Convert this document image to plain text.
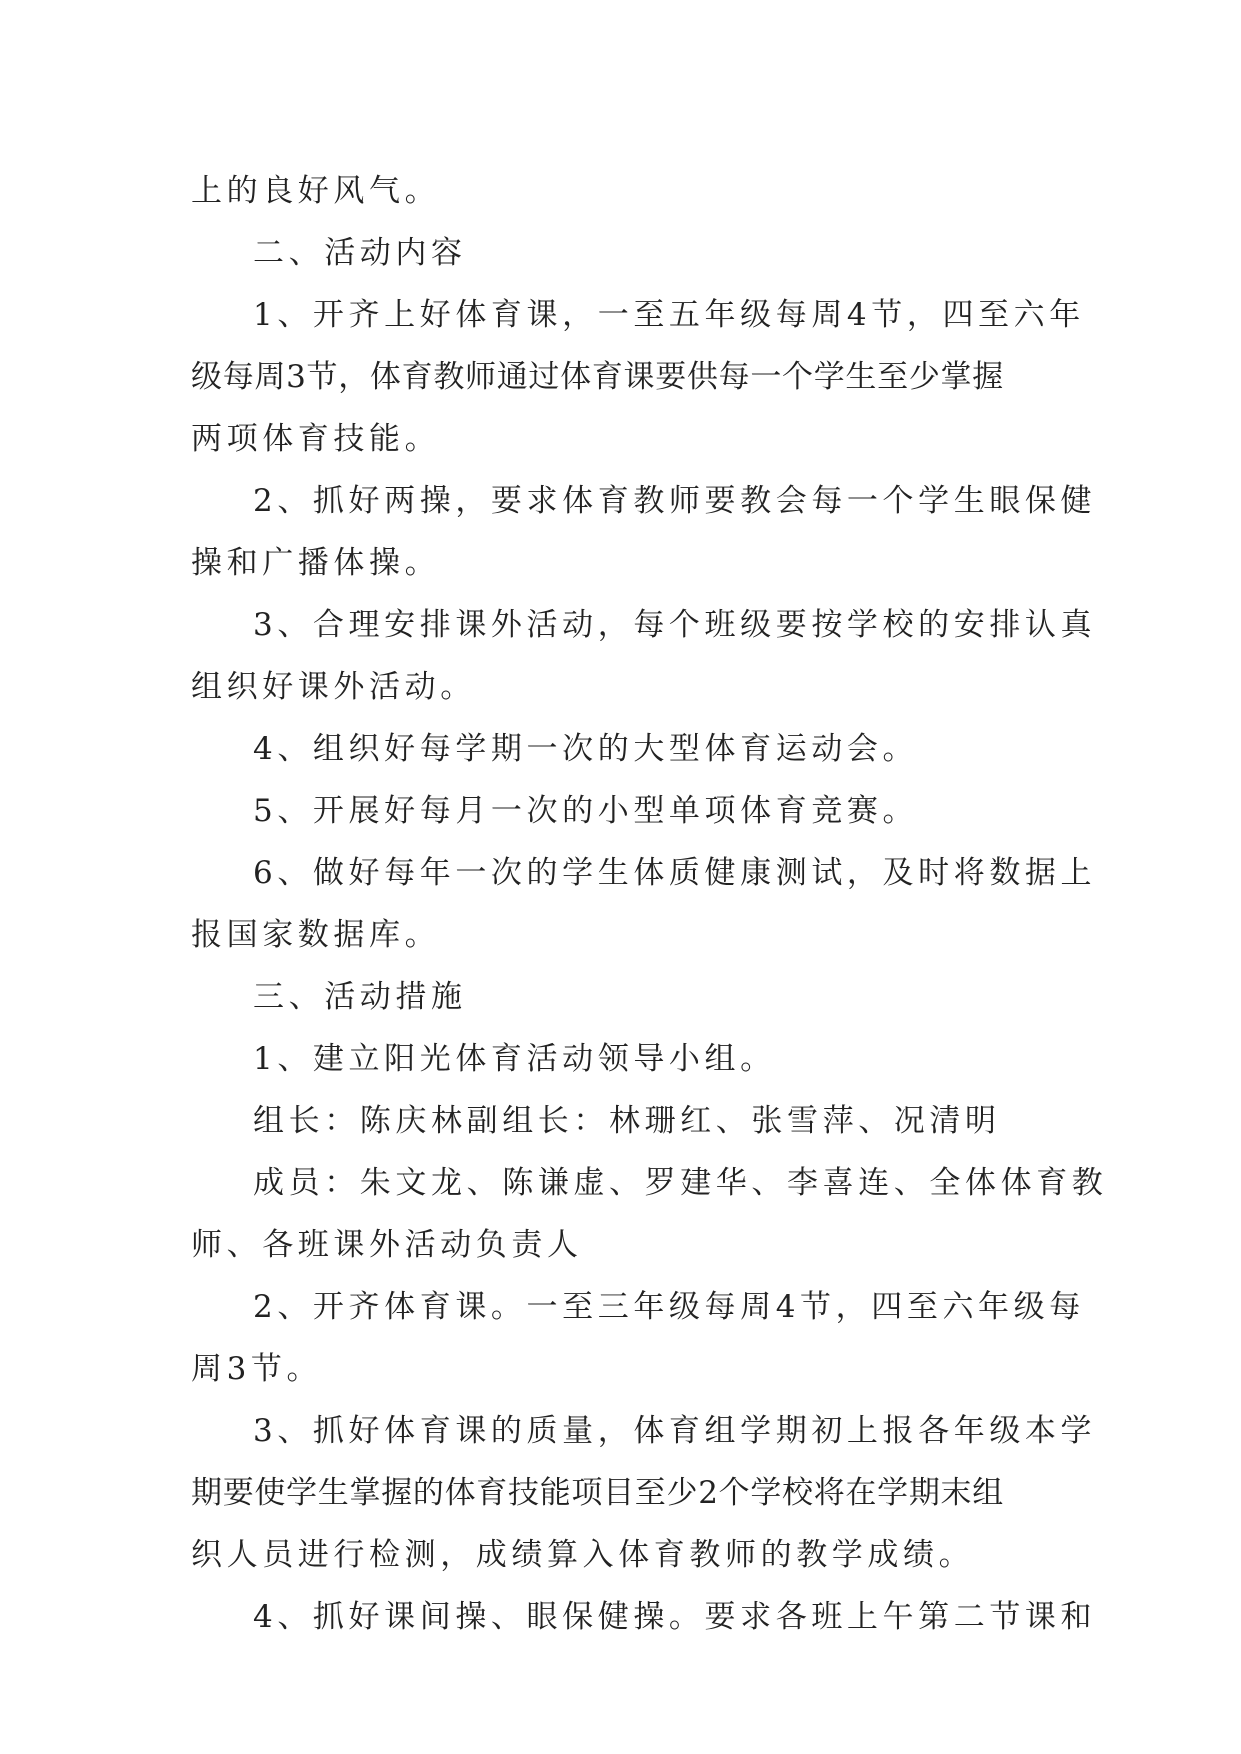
上的良好风气。
二、活动内容
1、开齐上好体育课，一至五年级每周4节，四至六年
级每周3节，体育教师通过体育课要供每一个学生至少掌握
两项体育技能。
2、抓好两操，要求体育教师要教会每一个学生眼保健
操和广播体操。
3、合理安排课外活动，每个班级要按学校的安排认真
组织好课外活动。
4、组织好每学期一次的大型体育运动会。
5、开展好每月一次的小型单项体育竞赛。
6、做好每年一次的学生体质健康测试，及时将数据上
报国家数据库。
三、活动措施
1、建立阳光体育活动领导小组。
组长：陈庆林副组长：林珊红、张雪萍、况清明
成员：朱文龙、陈谦虚、罗建华、李喜连、全体体育教
师、各班课外活动负责人
2、开齐体育课。一至三年级每周4节，四至六年级每
周3节。
3、抓好体育课的质量，体育组学期初上报各年级本学
期要使学生掌握的体育技能项目至少2个学校将在学期末组
织人员进行检测，成绩算入体育教师的教学成绩。
4、抓好课间操、眼保健操。要求各班上午第二节课和
